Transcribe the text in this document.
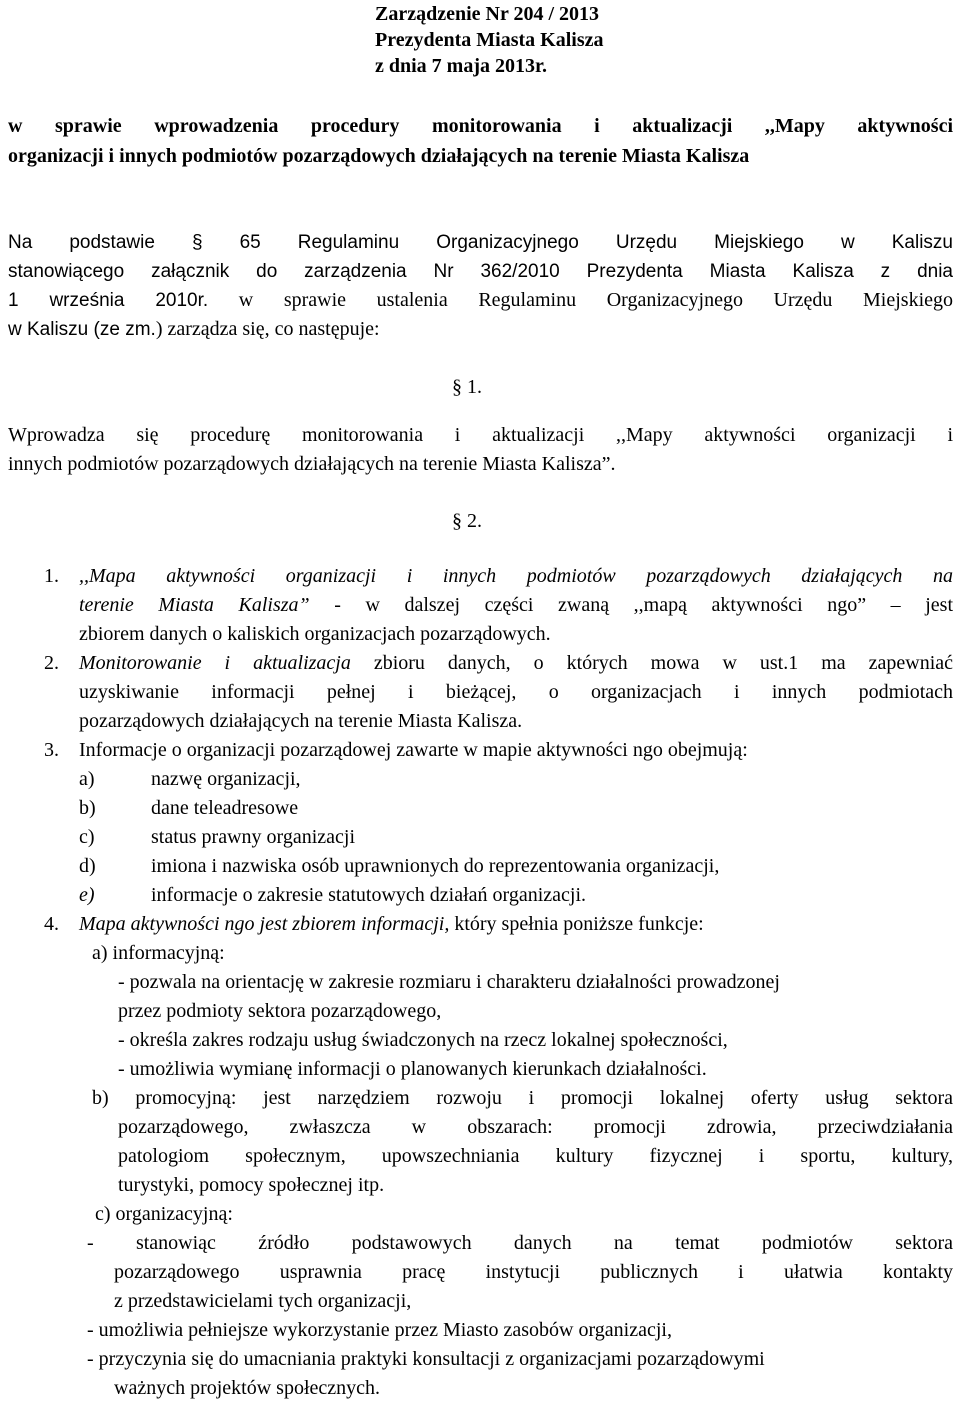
Zarządzenie Nr 204 / 2013
Prezydenta Miasta Kalisza
z dnia 7 maja 2013r.
w sprawie wprowadzenia procedury monitorowania i aktualizacji ,,Mapy aktywności
organizacji i innych podmiotów pozarządowych działających na terenie Miasta Kalisza
Na podstawie § 65 Regulaminu Organizacyjnego Urzędu Miejskiego w Kaliszu
stanowiącego załącznik do zarządzenia Nr 362/2010 Prezydenta Miasta Kalisza z dnia
1 września 2010r. w sprawie ustalenia Regulaminu Organizacyjnego Urzędu Miejskiego
w Kaliszu (ze zm.) zarządza się, co następuje:
§ 1.
Wprowadza się procedurę monitorowania i aktualizacji ,,Mapy aktywności organizacji i
innych podmiotów pozarządowych działających na terenie Miasta Kalisza”.
§ 2.
1. ,,Mapa aktywności organizacji i innych podmiotów pozarządowych działających na
terenie Miasta Kalisza” - w dalszej części zwaną ,,mapą aktywności ngo” – jest
zbiorem danych o kaliskich organizacjach pozarządowych.
2. Monitorowanie i aktualizacja zbioru danych, o których mowa w ust.1 ma zapewniać
uzyskiwanie informacji pełnej i bieżącej, o organizacjach i innych podmiotach
pozarządowych działających na terenie Miasta Kalisza.
3. Informacje o organizacji pozarządowej zawarte w mapie aktywności ngo obejmują:
a)	nazwę organizacji,
b)	dane teleadresowe
c)	status prawny organizacji
d)	imiona i nazwiska osób uprawnionych do reprezentowania organizacji,
e)	informacje o zakresie statutowych działań organizacji.
4. Mapa aktywności ngo jest zbiorem informacji, który spełnia poniższe funkcje:
a) informacyjną:
- pozwala na orientację w zakresie rozmiaru i charakteru działalności prowadzonej
przez podmioty sektora pozarządowego,
- określa zakres rodzaju usług świadczonych na rzecz lokalnej społeczności,
- umożliwia wymianę informacji o planowanych kierunkach działalności.
b) promocyjną: jest narzędziem rozwoju i promocji lokalnej oferty usług sektora
pozarządowego, zwłaszcza w obszarach: promocji zdrowia, przeciwdziałania
patologiom społecznym, upowszechniania kultury fizycznej i sportu, kultury,
turystyki, pomocy społecznej itp.
c) organizacyjną:
- stanowiąc źródło podstawowych danych na temat podmiotów sektora
pozarządowego usprawnia pracę instytucji publicznych i ułatwia kontakty
z przedstawicielami tych organizacji,
- umożliwia pełniejsze wykorzystanie przez Miasto zasobów organizacji,
- przyczynia się do umacniania praktyki konsultacji z organizacjami pozarządowymi
ważnych projektów społecznych.
